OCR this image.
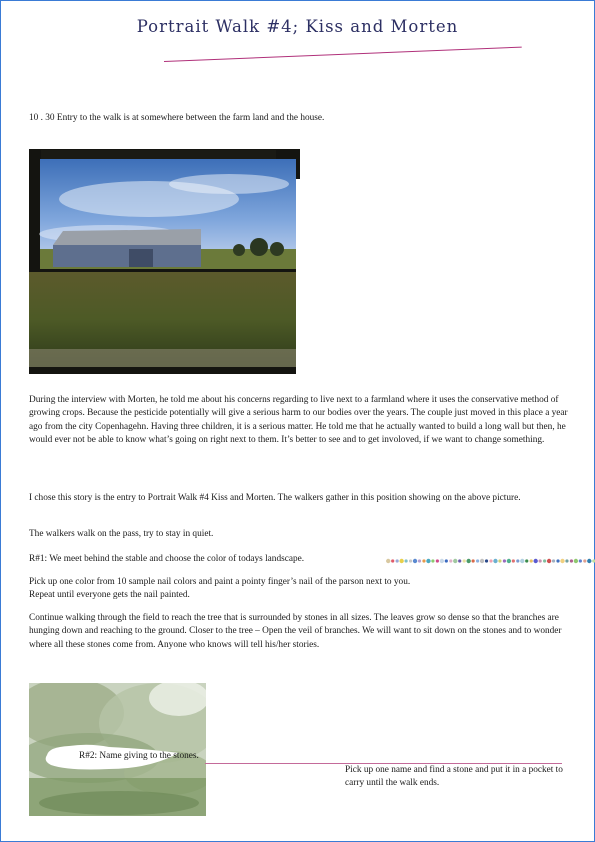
Portrait Walk #4; Kiss and Morten

10 . 30 Entry to the walk is at somewhere between the farm land and the house.

During the interview with Morten, he told me about his concerns regarding to live next to a farmland where it uses the conservative method of growing crops. Because the pesticide potentially will give a serious harm to our bodies over the years. The couple just moved in this place a year ago from the city Copenhagehn. Having three children, it is a serious matter. He told me that he actually wanted to build a long wall but then, he would ever not be able to know what’s going on right next to them. It’s better to see and to get involoved, if we want to change something.

I chose this story is the entry to Portrait Walk #4 Kiss and Morten. The walkers gather in this position showing on the above picture.

The walkers walk on the pass, try to stay in quiet.

R#1: We meet behind the stable and choose the color of todays landscape.

Pick up one color from 10 sample nail colors and paint a pointy finger’s nail of the parson next to you.
Repeat until everyone gets the nail painted.

Continue walking through the field to reach the tree that is surrounded by stones in all sizes. The leaves grow so dense so that the branches are hunging down and reaching to the ground. Closer to the tree – Open the veil of branches. We will want to sit down on the stones and to wonder where all these stones come from. Anyone who knows will tell his/her stories.

R#2: Name giving to the stones.

Pick up one name and find a stone and put it in a pocket to carry until the walk ends.
